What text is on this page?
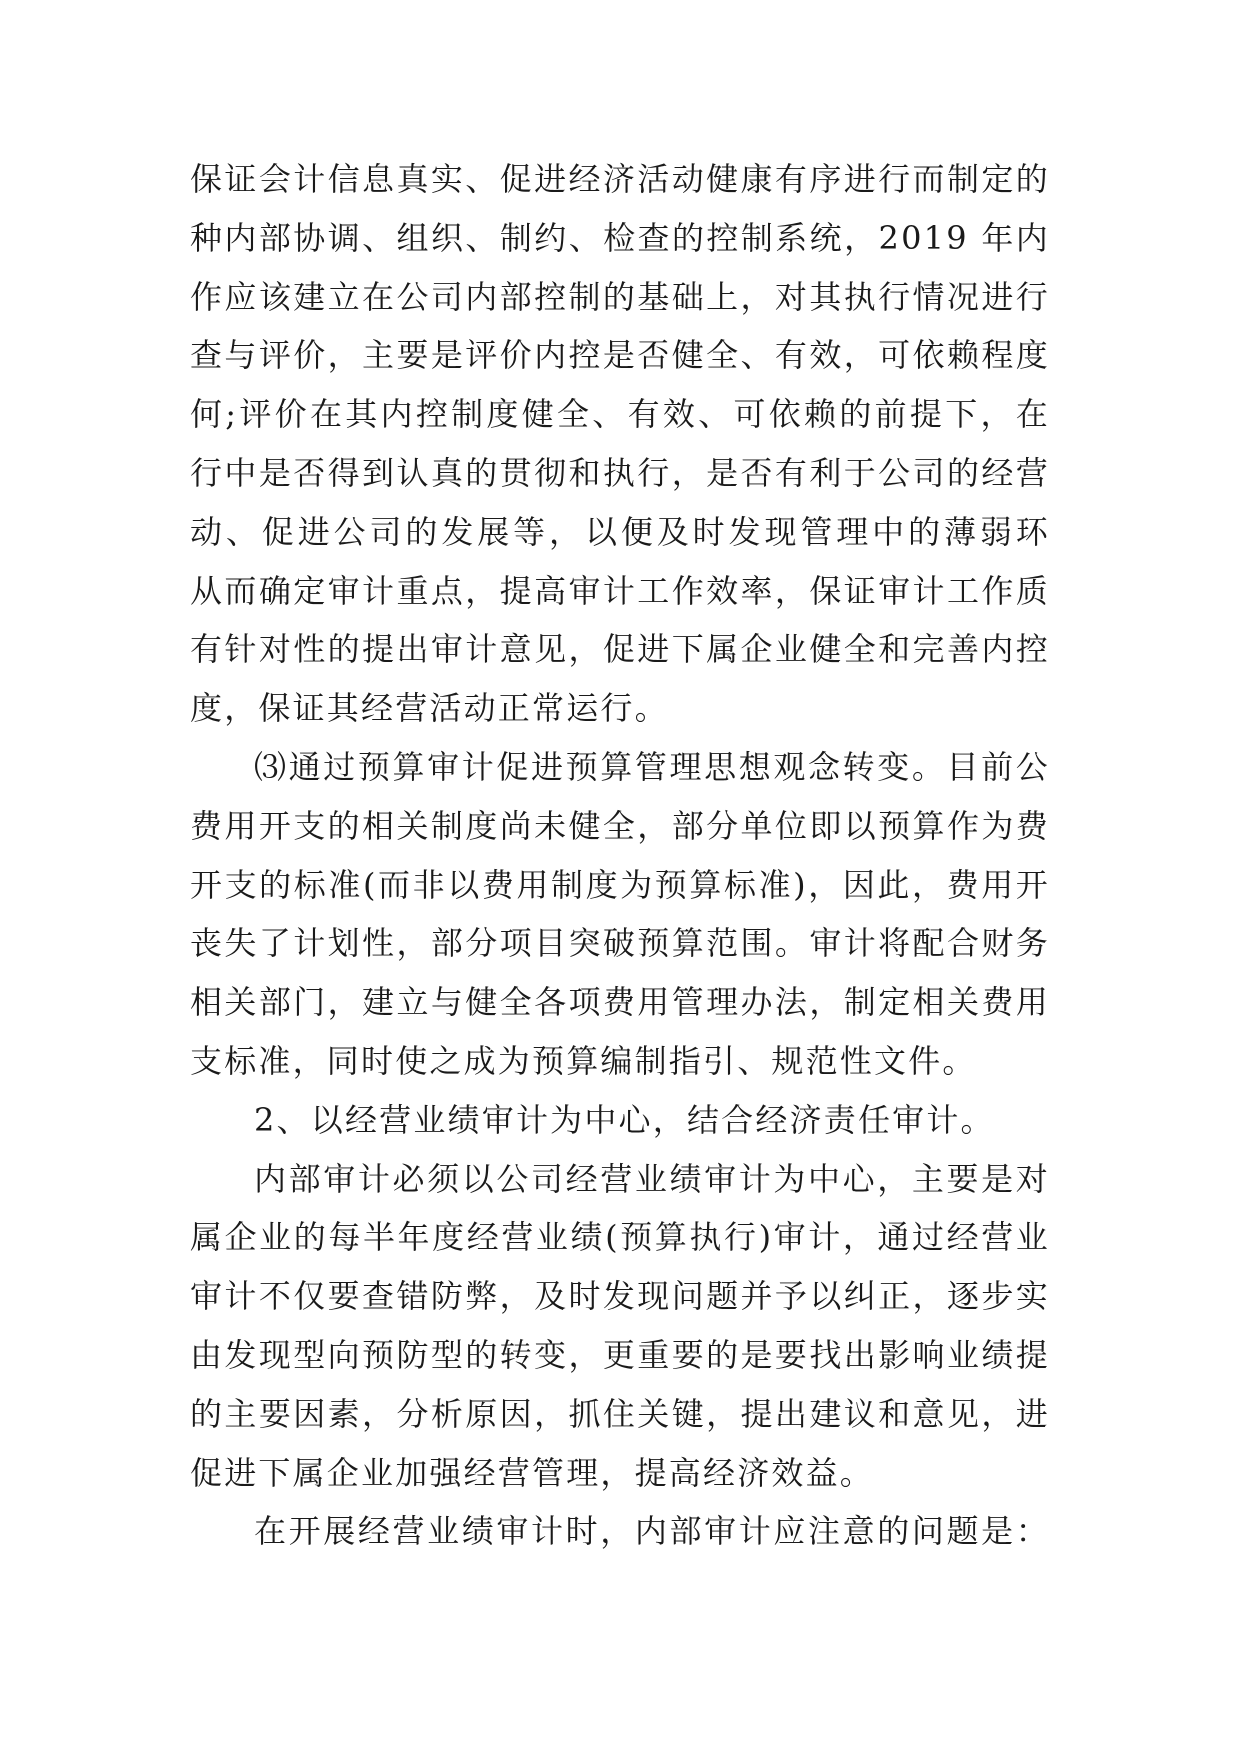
保证会计信息真实、促进经济活动健康有序进行而制定的
种内部协调、组织、制约、检查的控制系统，2019 年内
作应该建立在公司内部控制的基础上，对其执行情况进行
查与评价，主要是评价内控是否健全、有效，可依赖程度
何;评价在其内控制度健全、有效、可依赖的前提下，在
行中是否得到认真的贯彻和执行，是否有利于公司的经营
动、促进公司的发展等，以便及时发现管理中的薄弱环
从而确定审计重点，提高审计工作效率，保证审计工作质
有针对性的提出审计意见，促进下属企业健全和完善内控
度，保证其经营活动正常运行。
⑶通过预算审计促进预算管理思想观念转变。目前公
费用开支的相关制度尚未健全，部分单位即以预算作为费
开支的标准(而非以费用制度为预算标准)，因此，费用开
丧失了计划性，部分项目突破预算范围。审计将配合财务
相关部门，建立与健全各项费用管理办法，制定相关费用
支标准，同时使之成为预算编制指引、规范性文件。
2、以经营业绩审计为中心，结合经济责任审计。
内部审计必须以公司经营业绩审计为中心，主要是对
属企业的每半年度经营业绩(预算执行)审计，通过经营业
审计不仅要查错防弊，及时发现问题并予以纠正，逐步实
由发现型向预防型的转变，更重要的是要找出影响业绩提
的主要因素，分析原因，抓住关键，提出建议和意见，进
促进下属企业加强经营管理，提高经济效益。
在开展经营业绩审计时，内部审计应注意的问题是：
